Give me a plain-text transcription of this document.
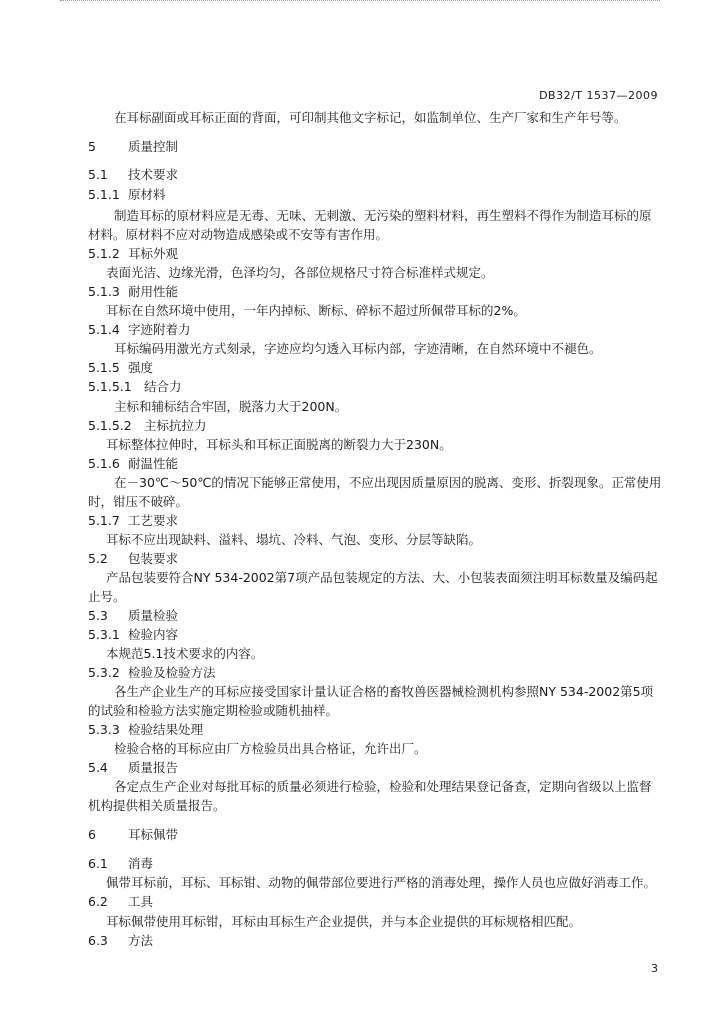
DB32/T 1537—2009
在耳标副面或耳标正面的背面，可印制其他文字标记，如监制单位、生产厂家和生产年号等。
5	质量控制
5.1 技术要求
5.1.1 原材料
制造耳标的原材料应是无毒、无味、无刺激、无污染的塑料材料，再生塑料不得作为制造耳标的原
材料。原材料不应对动物造成感染或不安等有害作用。
5.1.2 耳标外观
表面光洁、边缘光滑，色泽均匀，各部位规格尺寸符合标准样式规定。
5.1.3 耐用性能
耳标在自然环境中使用，一年内掉标、断标、碎标不超过所佩带耳标的2%。
5.1.4 字迹附着力
耳标编码用激光方式刻录，字迹应均匀透入耳标内部，字迹清晰，在自然环境中不褪色。
5.1.5 强度
5.1.5.1 结合力
主标和辅标结合牢固，脱落力大于200N。
5.1.5.2 主标抗拉力
耳标整体拉伸时，耳标头和耳标正面脱离的断裂力大于230N。
5.1.6 耐温性能
在－30℃～50℃的情况下能够正常使用，不应出现因质量原因的脱离、变形、折裂现象。正常使用
时，钳压不破碎。
5.1.7 工艺要求
耳标不应出现缺料、溢料、塌坑、冷料、气泡、变形、分层等缺陷。
5.2 包装要求
产品包装要符合NY 534-2002第7项产品包装规定的方法、大、小包装表面须注明耳标数量及编码起
止号。
5.3 质量检验
5.3.1 检验内容
本规范5.1技术要求的内容。
5.3.2 检验及检验方法
各生产企业生产的耳标应接受国家计量认证合格的畜牧兽医器械检测机构参照NY 534-2002第5项
的试验和检验方法实施定期检验或随机抽样。
5.3.3 检验结果处理
检验合格的耳标应由厂方检验员出具合格证，允许出厂。
5.4 质量报告
各定点生产企业对每批耳标的质量必须进行检验，检验和处理结果登记备查，定期向省级以上监督
机构提供相关质量报告。
6	耳标佩带
6.1 消毒
佩带耳标前，耳标、耳标钳、动物的佩带部位要进行严格的消毒处理，操作人员也应做好消毒工作。
6.2 工具
耳标佩带使用耳标钳，耳标由耳标生产企业提供，并与本企业提供的耳标规格相匹配。
6.3 方法
3
